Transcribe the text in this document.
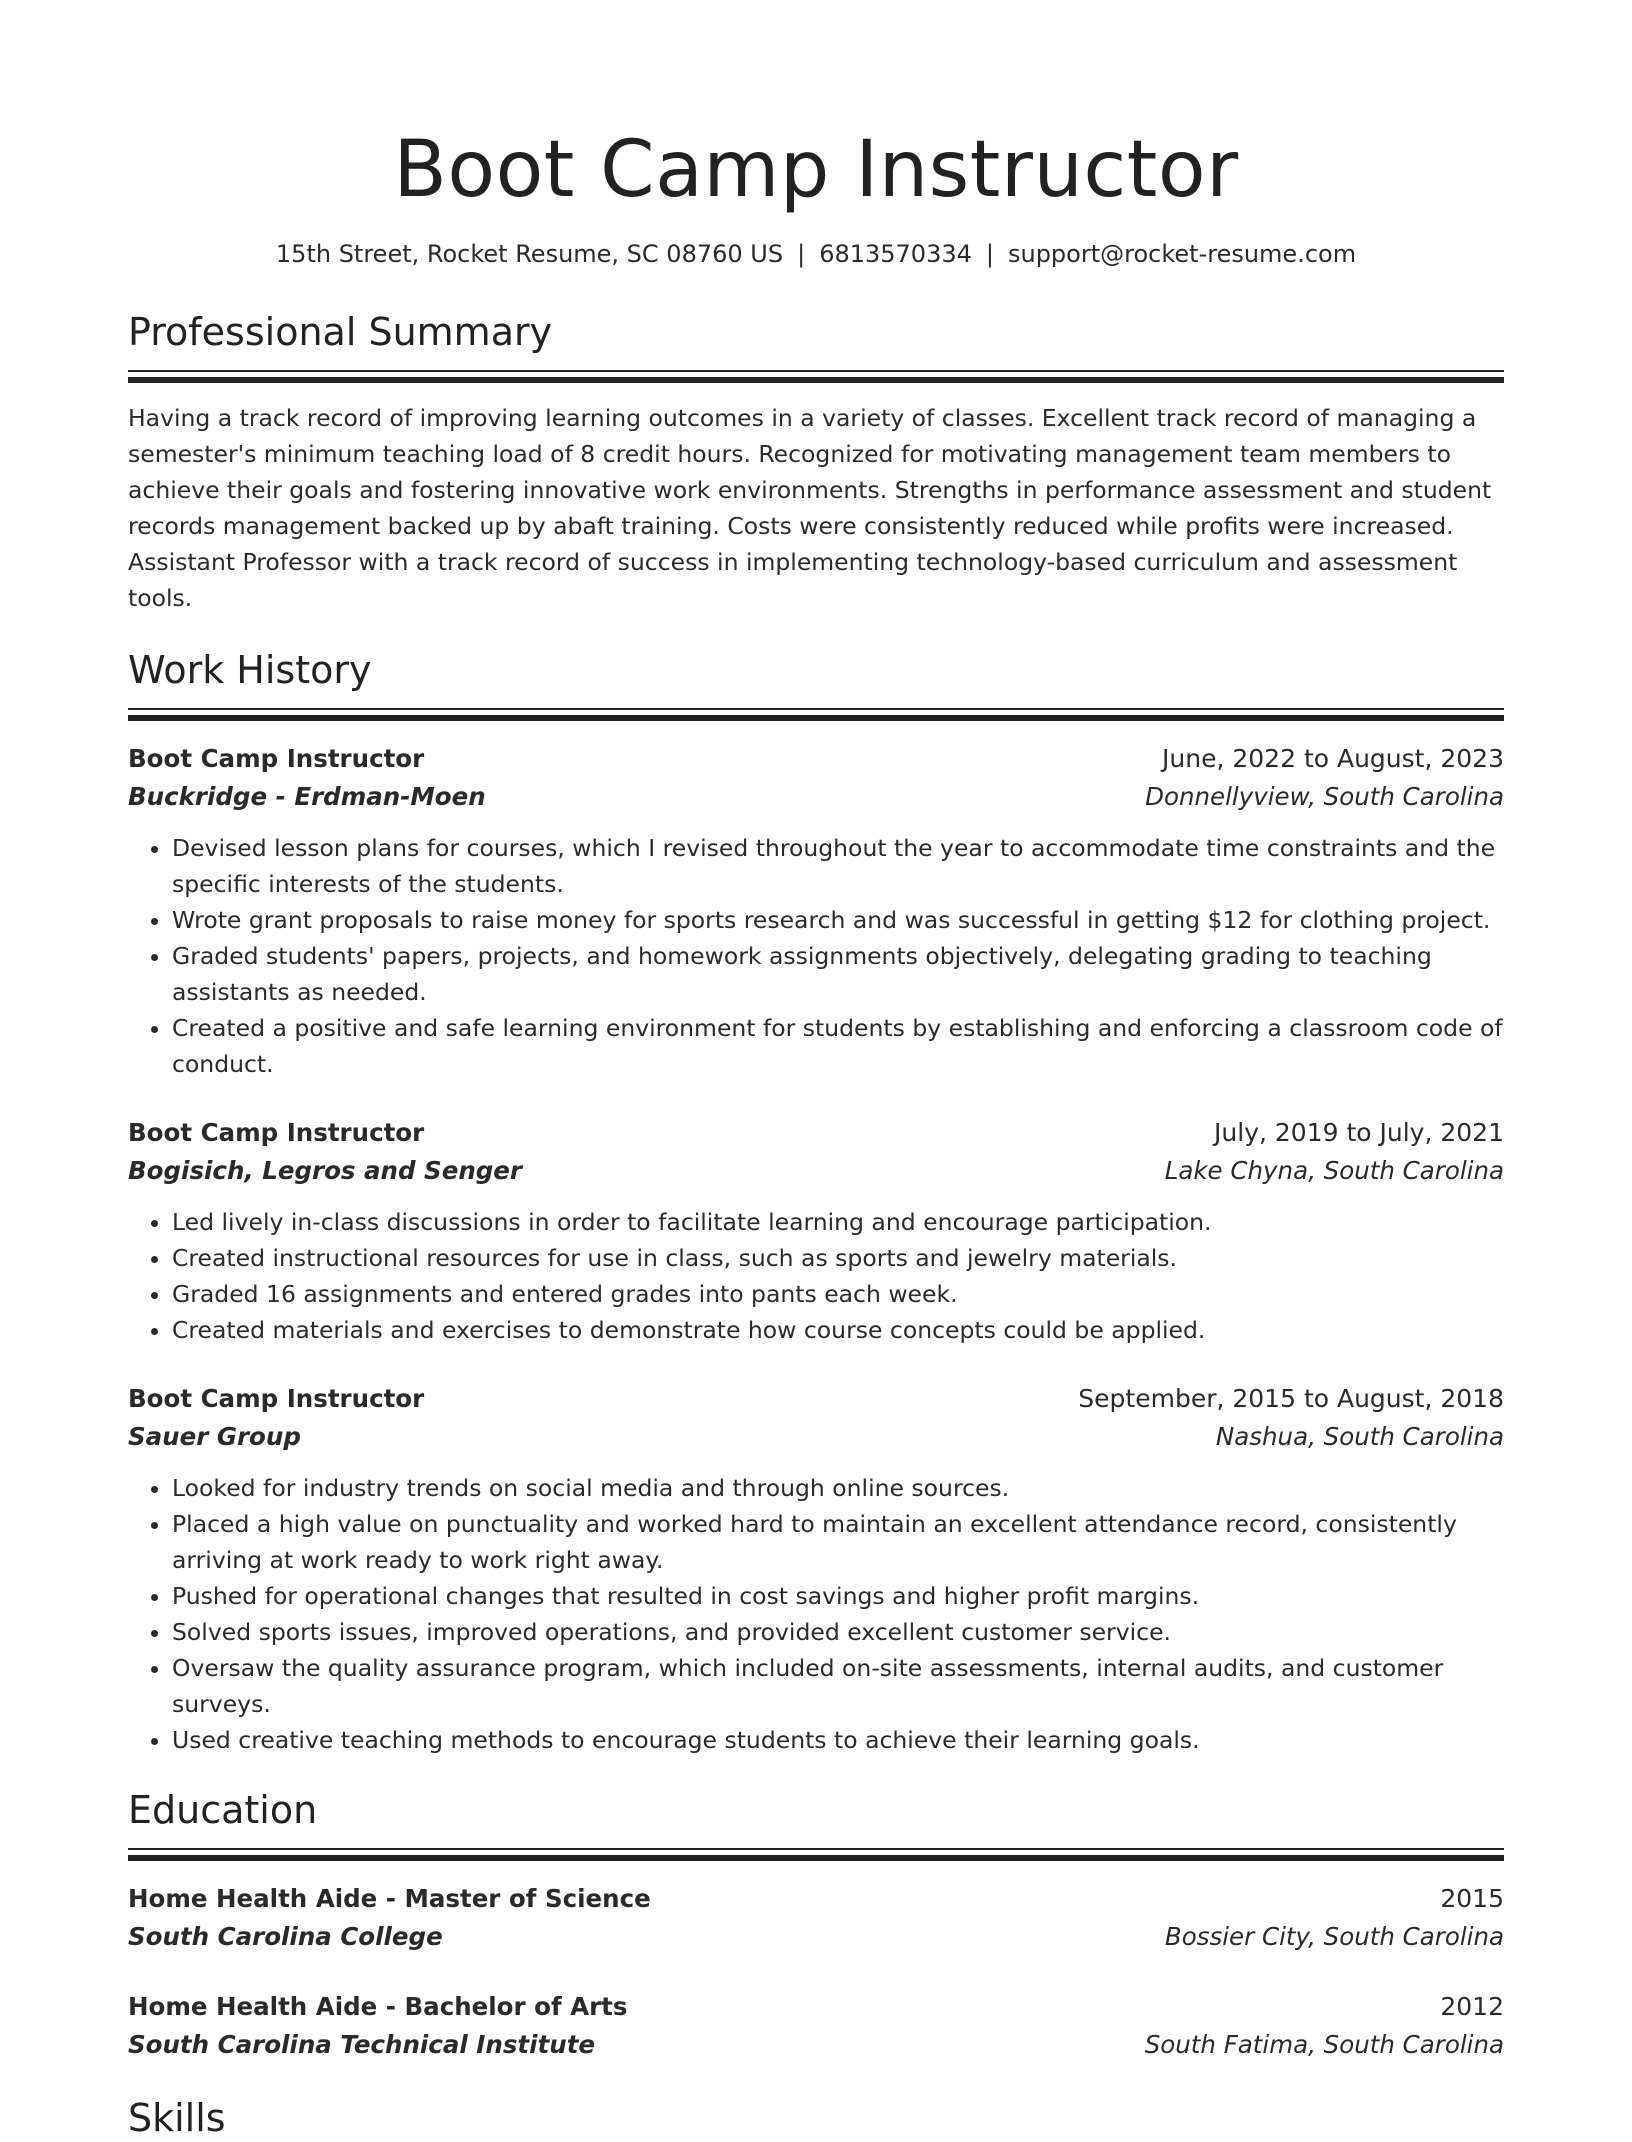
Boot Camp Instructor
15th Street, Rocket Resume, SC 08760 US | 6813570334 | support@rocket-resume.com
Professional Summary

Having a track record of improving learning outcomes in a variety of classes. Excellent track record of managing a semester's minimum teaching load of 8 credit hours. Recognized for motivating management team members to achieve their goals and fostering innovative work environments. Strengths in performance assessment and student records management backed up by abaft training. Costs were consistently reduced while profits were increased. Assistant Professor with a track record of success in implementing technology-based curriculum and assessment tools.

Work History
Boot Camp Instructor	June, 2022 to August, 2023
Buckridge - Erdman-Moen	Donnellyview, South Carolina
• Devised lesson plans for courses, which I revised throughout the year to accommodate time constraints and the specific interests of the students.
• Wrote grant proposals to raise money for sports research and was successful in getting $12 for clothing project.
• Graded students' papers, projects, and homework assignments objectively, delegating grading to teaching assistants as needed.
• Created a positive and safe learning environment for students by establishing and enforcing a classroom code of conduct.
Boot Camp Instructor	July, 2019 to July, 2021
Bogisich, Legros and Senger	Lake Chyna, South Carolina
• Led lively in-class discussions in order to facilitate learning and encourage participation.
• Created instructional resources for use in class, such as sports and jewelry materials.
• Graded 16 assignments and entered grades into pants each week.
• Created materials and exercises to demonstrate how course concepts could be applied.
Boot Camp Instructor	September, 2015 to August, 2018
Sauer Group	Nashua, South Carolina
• Looked for industry trends on social media and through online sources.
• Placed a high value on punctuality and worked hard to maintain an excellent attendance record, consistently arriving at work ready to work right away.
• Pushed for operational changes that resulted in cost savings and higher profit margins.
• Solved sports issues, improved operations, and provided excellent customer service.
• Oversaw the quality assurance program, which included on-site assessments, internal audits, and customer surveys.
• Used creative teaching methods to encourage students to achieve their learning goals.
Education
Home Health Aide - Master of Science	2015
South Carolina College	Bossier City, South Carolina
Home Health Aide - Bachelor of Arts	2012
South Carolina Technical Institute	South Fatima, South Carolina
Skills
